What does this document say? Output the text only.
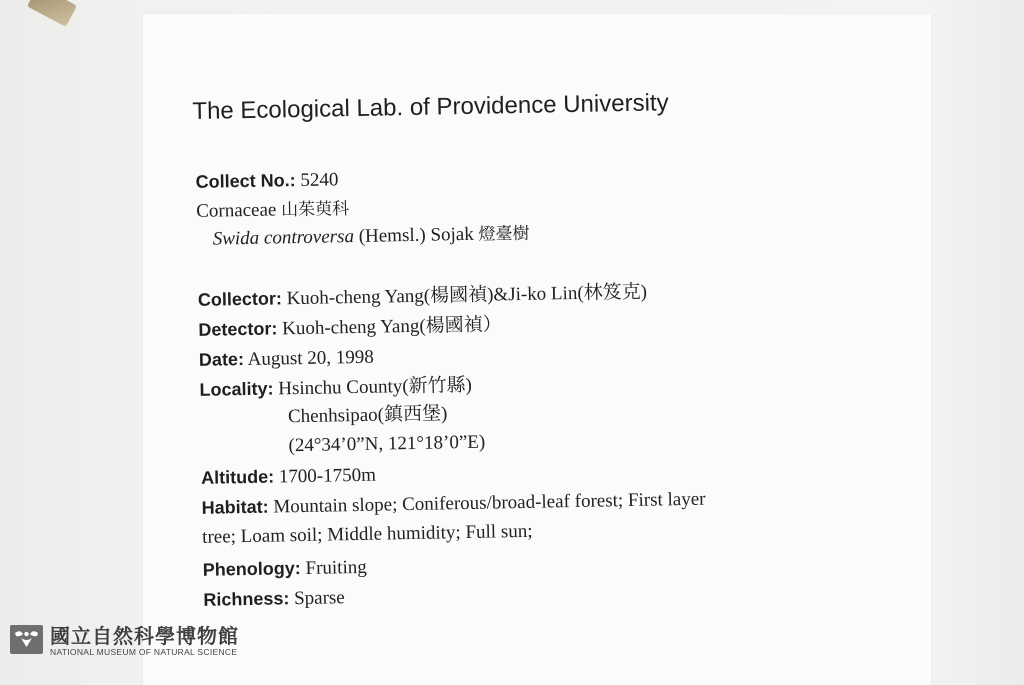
The Ecological Lab. of Providence University
Collect No.: 5240
Cornaceae 山茱萸科
Swida controversa (Hemsl.) Sojak 燈臺樹
Collector: Kuoh-cheng Yang(楊國禎)&Ji-ko Lin(林笈克)
Detector: Kuoh-cheng Yang(楊國禎）
Date: August 20, 1998
Locality: Hsinchu County(新竹縣)
Chenhsipao(鎮西堡)
(24°34’0”N, 121°18’0”E)
Altitude: 1700-1750m
Habitat: Mountain slope; Coniferous/broad-leaf forest; First layer
tree; Loam soil; Middle humidity; Full sun;
Phenology: Fruiting
Richness: Sparse
國立自然科學博物館
NATIONAL MUSEUM OF NATURAL SCIENCE
